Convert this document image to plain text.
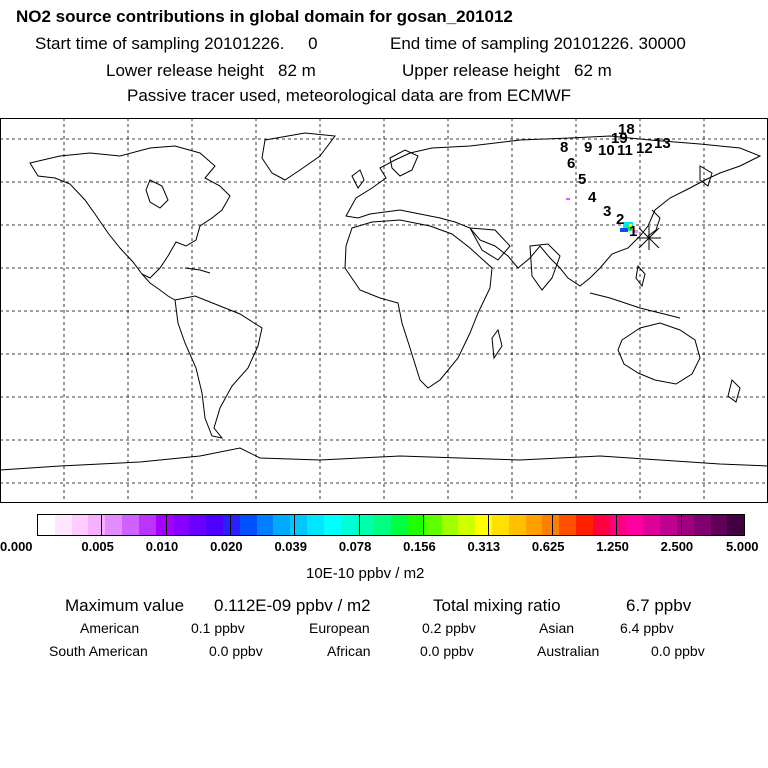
NO2 source contributions in global domain for gosan_201012
Start time of sampling 20101226.     0	End time of sampling 20101226. 30000
Lower release height   82 m	Upper release height   62 m
Passive tracer used, meteorological data are from ECMWF
1
2
3
4
5
6
8 9 10 11 12 13
18
19
0.000	0.005 0.010 0.020 0.039 0.078 0.156 0.313 0.625 1.250 2.500	5.000
10E-10 ppbv / m2
Maximum value 0.112E-09 ppbv / m2	Total mixing ratio	6.7 ppbv
American	0.1 ppbv	European	0.2 ppbv	Asian	6.4 ppbv
South American	0.0 ppbv	African	0.0 ppbv	Australian	0.0 ppbv
